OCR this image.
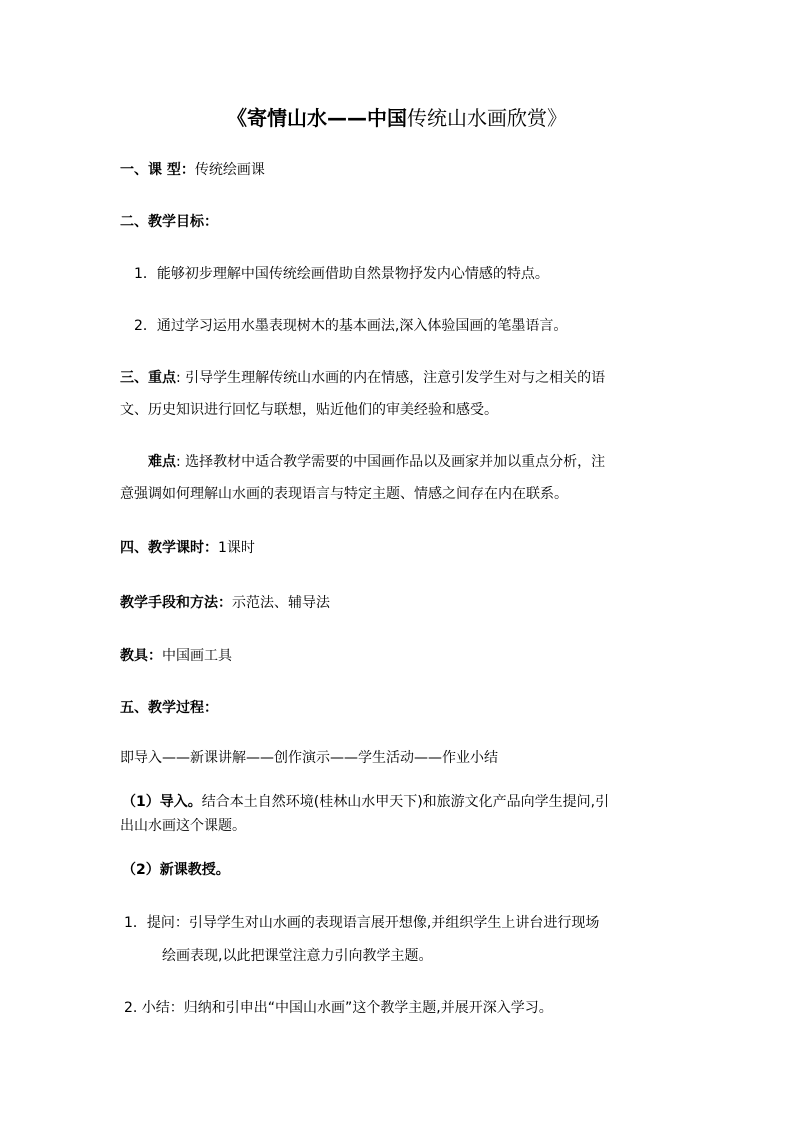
《寄情山水——中国传统山水画欣赏》
一、课 型：传统绘画课
二、教学目标：
1．能够初步理解中国传统绘画借助自然景物抒发内心情感的特点。
2．通过学习运用水墨表现树木的基本画法,深入体验国画的笔墨语言。
三、重点: 引导学生理解传统山水画的内在情感，注意引发学生对与之相关的语
文、历史知识进行回忆与联想，贴近他们的审美经验和感受。
难点: 选择教材中适合教学需要的中国画作品以及画家并加以重点分析，注
意强调如何理解山水画的表现语言与特定主题、情感之间存在内在联系。
四、教学课时：1课时
教学手段和方法：示范法、辅导法
教具：中国画工具
五、教学过程：
即导入——新课讲解——创作演示——学生活动——作业小结
（1）导入。结合本土自然环境(桂林山水甲天下)和旅游文化产品向学生提问,引
出山水画这个课题。
（2）新课教授。
1．提问：引导学生对山水画的表现语言展开想像,并组织学生上讲台进行现场
绘画表现,以此把课堂注意力引向教学主题。
2. 小结：归纳和引申出“中国山水画”这个教学主题,并展开深入学习。
